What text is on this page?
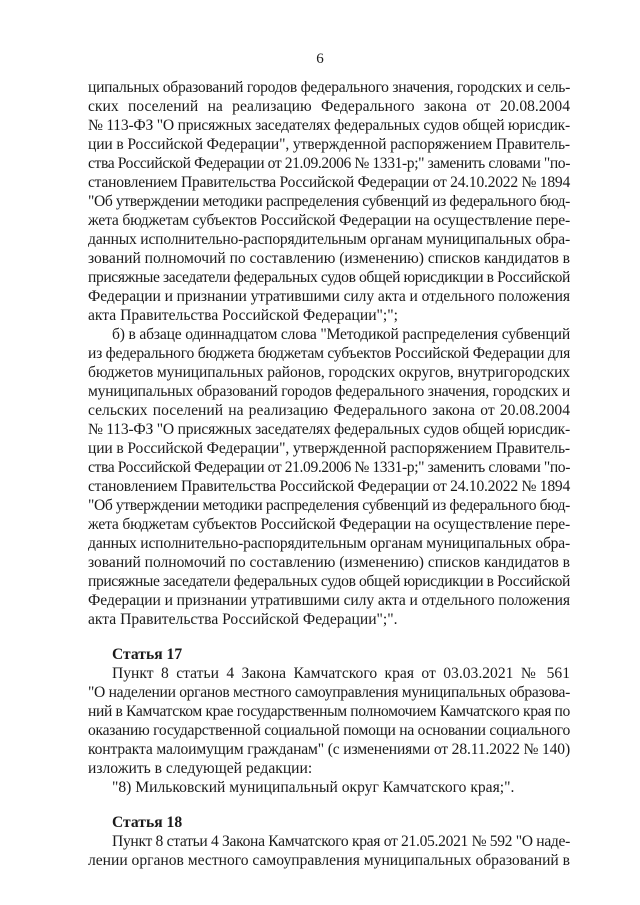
6
ципальных образований городов федерального значения, городских и сель-
ских поселений на реализацию Федерального закона от 20.08.2004
№ 113-ФЗ "О присяжных заседателях федеральных судов общей юрисдик-
ции в Российской Федерации", утвержденной распоряжением Правитель-
ства Российской Федерации от 21.09.2006 № 1331-р;" заменить словами "по-
становлением Правительства Российской Федерации от 24.10.2022 № 1894
"Об утверждении методики распределения субвенций из федерального бюд-
жета бюджетам субъектов Российской Федерации на осуществление пере-
данных исполнительно-распорядительным органам муниципальных обра-
зований полномочий по составлению (изменению) списков кандидатов в
присяжные заседатели федеральных судов общей юрисдикции в Российской
Федерации и признании утратившими силу акта и отдельного положения
акта Правительства Российской Федерации";";
б) в абзаце одиннадцатом слова "Методикой распределения субвенций
из федерального бюджета бюджетам субъектов Российской Федерации для
бюджетов муниципальных районов, городских округов, внутригородских
муниципальных образований городов федерального значения, городских и
сельских поселений на реализацию Федерального закона от 20.08.2004
№ 113-ФЗ "О присяжных заседателях федеральных судов общей юрисдик-
ции в Российской Федерации", утвержденной распоряжением Правитель-
ства Российской Федерации от 21.09.2006 № 1331-р;" заменить словами "по-
становлением Правительства Российской Федерации от 24.10.2022 № 1894
"Об утверждении методики распределения субвенций из федерального бюд-
жета бюджетам субъектов Российской Федерации на осуществление пере-
данных исполнительно-распорядительным органам муниципальных обра-
зований полномочий по составлению (изменению) списков кандидатов в
присяжные заседатели федеральных судов общей юрисдикции в Российской
Федерации и признании утратившими силу акта и отдельного положения
акта Правительства Российской Федерации";".
Статья 17
Пункт 8 статьи 4 Закона Камчатского края от 03.03.2021 № 561
"О наделении органов местного самоуправления муниципальных образова-
ний в Камчатском крае государственным полномочием Камчатского края по
оказанию государственной социальной помощи на основании социального
контракта малоимущим гражданам" (с изменениями от 28.11.2022 № 140)
изложить в следующей редакции:
"8) Мильковский муниципальный округ Камчатского края;".
Статья 18
Пункт 8 статьи 4 Закона Камчатского края от 21.05.2021 № 592 "О наде-
лении органов местного самоуправления муниципальных образований в
